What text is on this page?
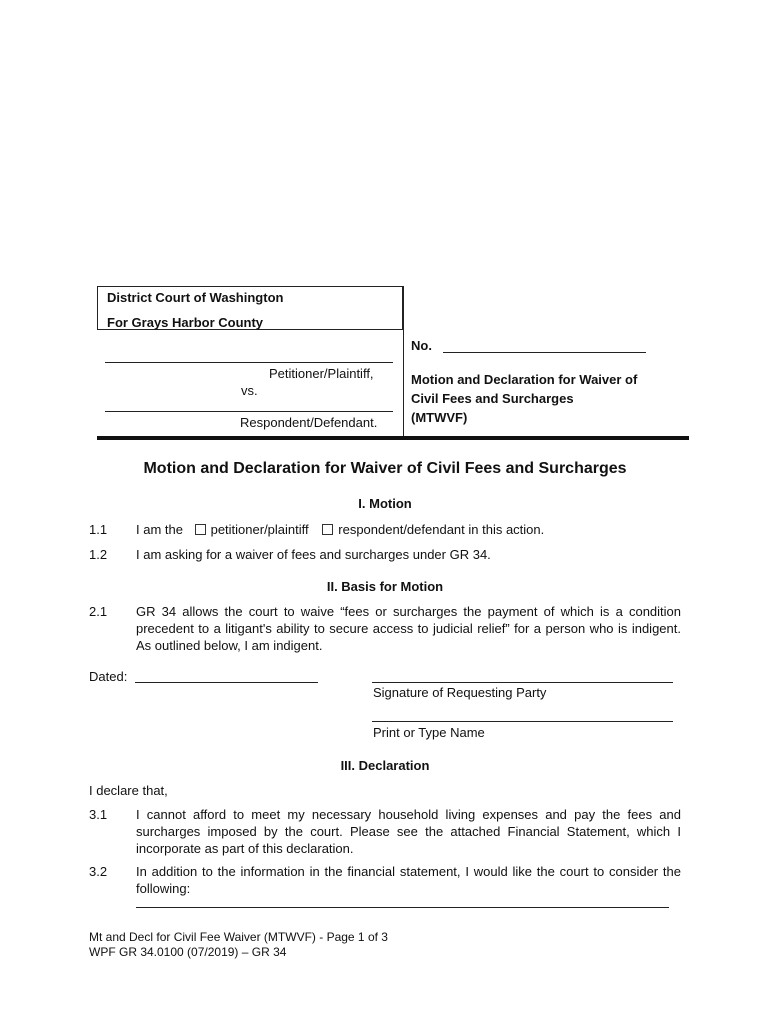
District Court of Washington
For Grays Harbor County
Petitioner/Plaintiff,
vs.
Respondent/Defendant.
No.
Motion and Declaration for Waiver of
Civil Fees and Surcharges
(MTWVF)
Motion and Declaration for Waiver of Civil Fees and Surcharges
I. Motion
1.1 I am the petitioner/plaintiff respondent/defendant in this action.
1.2 I am asking for a waiver of fees and surcharges under GR 34.
II. Basis for Motion
2.1 GR 34 allows the court to waive “fees or surcharges the payment of which is a condition precedent to a litigant's ability to secure access to judicial relief” for a person who is indigent. As outlined below, I am indigent.
Dated:
Signature of Requesting Party
Print or Type Name
III. Declaration
I declare that,
3.1 I cannot afford to meet my necessary household living expenses and pay the fees and surcharges imposed by the court. Please see the attached Financial Statement, which I incorporate as part of this declaration.
3.2 In addition to the information in the financial statement, I would like the court to consider the following:
Mt and Decl for Civil Fee Waiver (MTWVF) - Page 1 of 3
WPF GR 34.0100 (07/2019) – GR 34
